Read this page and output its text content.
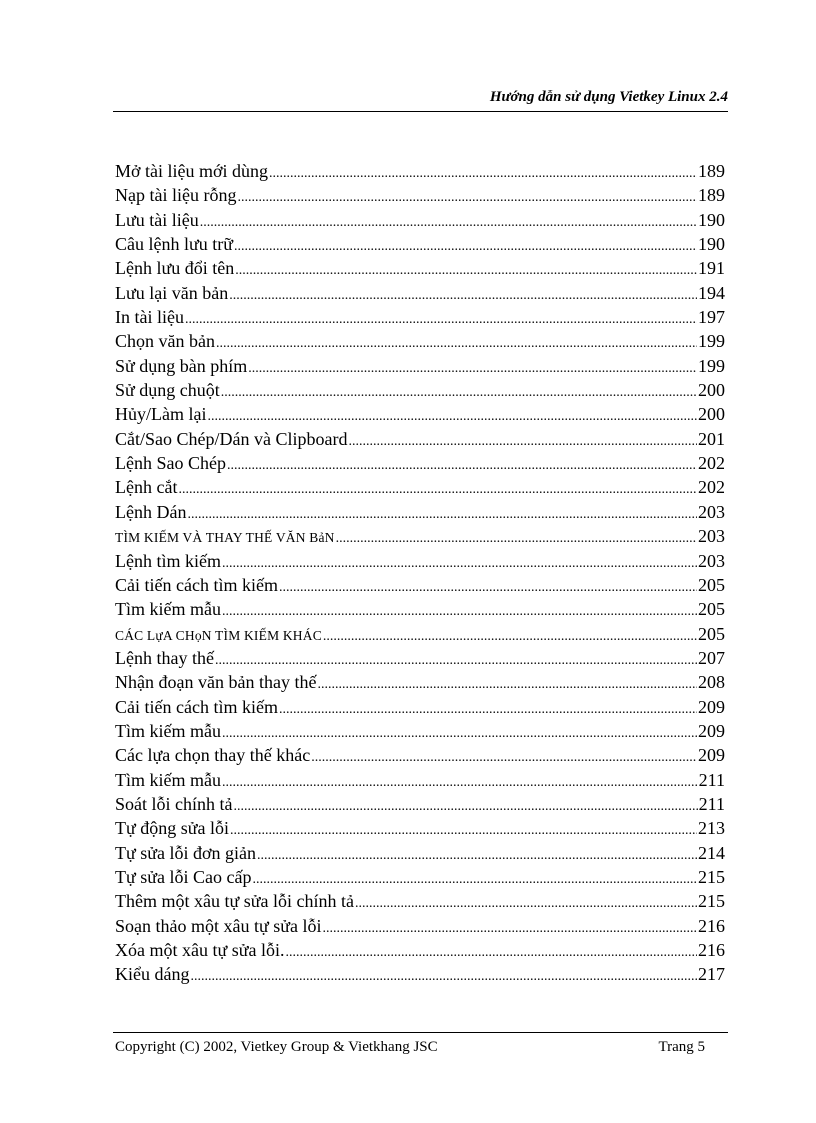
Hướng dẫn sử dụng Vietkey Linux 2.4
Mở tài liệu mới dùng .....	189
Nạp tài liệu rỗng .....	189
Lưu tài liệu .....	190
Câu lệnh lưu trữ .....	190
Lệnh lưu đổi tên .....	191
Lưu lại văn bản .....	194
In tài liệu .....	197
Chọn văn bản .....	199
Sử dụng bàn phím .....	199
Sử dụng chuột .....	200
Hủy/Làm lại .....	200
Cắt/Sao Chép/Dán và Clipboard .....	201
Lệnh Sao Chép .....	202
Lệnh cắt .....	202
Lệnh Dán .....	203
TÌM KIẾM VÀ THAY THẾ VĂN BảN .....	203
Lệnh tìm kiếm .....	203
Cải tiến cách tìm kiếm .....	205
Tìm kiếm mẫu .....	205
CÁC LựA CHọN TÌM KIẾM KHÁC .....	205
Lệnh thay thế .....	207
Nhận đoạn văn bản thay thế .....	208
Cải tiến cách tìm kiếm .....	209
Tìm kiếm mẫu .....	209
Các lựa chọn thay thế khác .....	209
Tìm kiếm mẫu .....	211
Soát lỗi chính tả .....	211
Tự động sửa lỗi .....	213
Tự sửa lỗi đơn giản .....	214
Tự sửa lỗi Cao cấp .....	215
Thêm một xâu tự sửa lỗi chính tả .....	215
Soạn thảo một xâu tự sửa lỗi .....	216
Xóa một xâu tự sửa lỗi. .....	216
Kiểu dáng .....	217
Copyright (C) 2002, Vietkey Group & Vietkhang JSC	Trang 5
